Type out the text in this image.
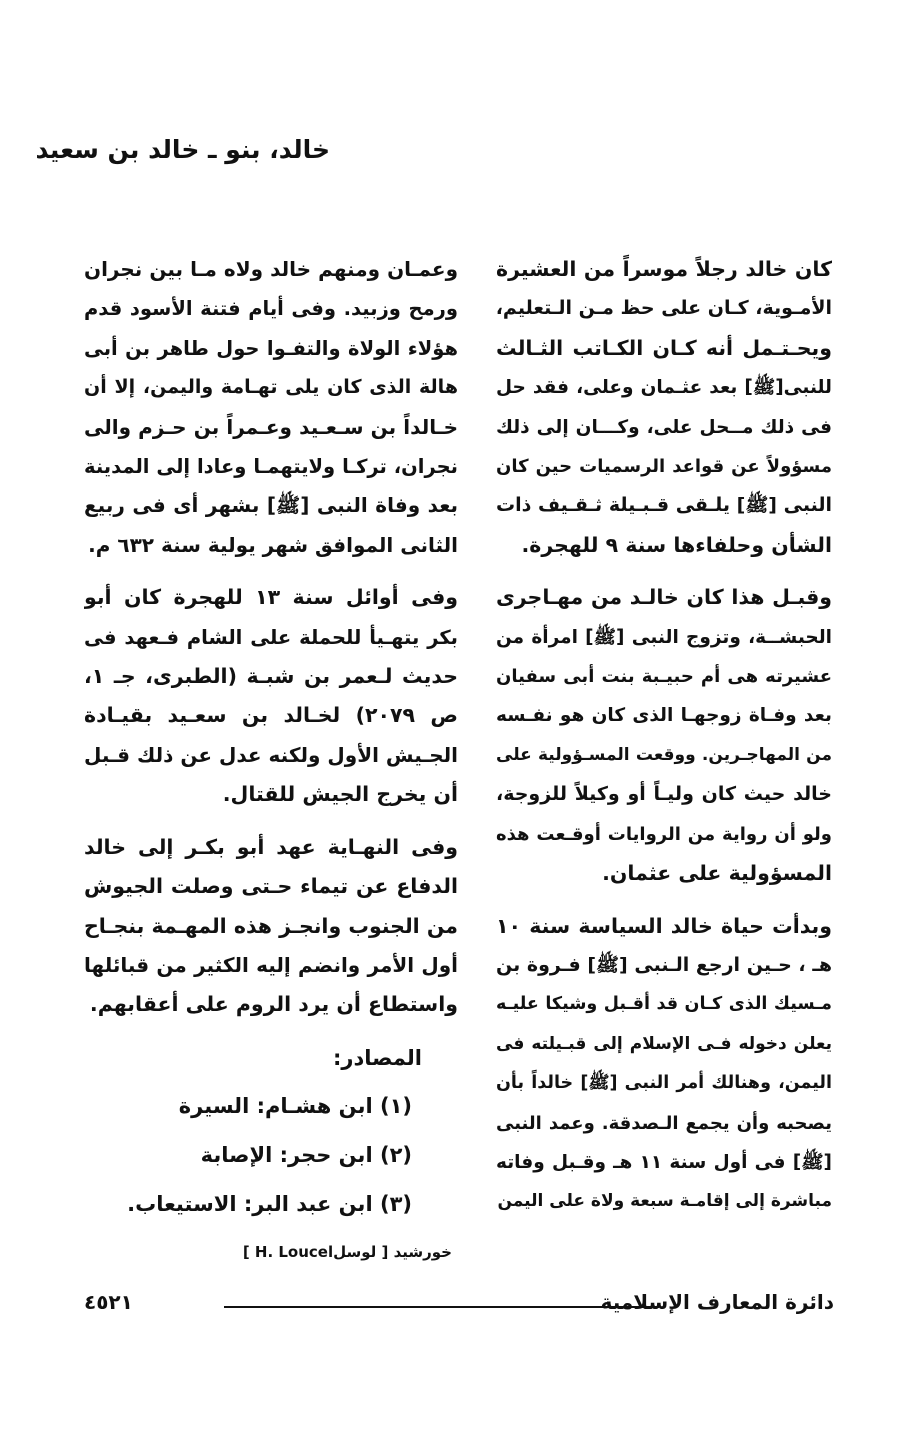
خالد، بنو ـ خالد بن سعيد

كان خالد رجلاً موسراً من العشيرة
الأمـوية، كـان على حظ مـن الـتعليم،
ويحـتـمل أنه كـان الكـاتب الثـالث
للنبى[ﷺ] بعد عثـمان وعلى، فقد حل
فى ذلك مــحل على، وكـــان إلى ذلك
مسؤولاً عن قواعد الرسميات حين كان
النبى [ﷺ] يلـقى قـبـيلة ثـقـيف ذات
الشأن وحلفاءها سنة ٩ للهجرة.

وقبـل هذا كان خالـد من مهـاجرى
الحبشــة، وتزوج النبى [ﷺ] امرأة من
عشيرته هى أم حبيـبة بنت أبى سفيان
بعد وفـاة زوجهـا الذى كان هو نفـسه
من المهاجـرين. ووقعت المسـؤولية على
خالد حيث كان وليـاً أو وكيلاً للزوجة،
ولو أن رواية من الروايات أوقـعت هذه
المسؤولية على عثمان.

وبدأت حياة خالد السياسة سنة ١٠
هـ ، حـين ارجع الـنبى [ﷺ] فـروة بن
مـسيك الذى كـان قد أقـبل وشيكا عليـه
يعلن دخوله فـى الإسلام إلى قبـيلته فى
اليمن، وهنالك أمر النبى [ﷺ] خالداً بأن
يصحبه وأن يجمع الـصدقة. وعمد النبى
[ﷺ] فى أول سنة ١١ هـ وقـبل وفاته
مباشرة إلى إقامـة سبعة ولاة على اليمن

وعمـان ومنهم خالد ولاه مـا بين نجران
ورمح وزبيد. وفى أيام فتنة الأسود قدم
هؤلاء الولاة والتفـوا حول طاهر بن أبى
هالة الذى كان يلى تهـامة واليمن، إلا أن
خـالداً بن سـعـيد وعـمراً بن حـزم والى
نجران، تركـا ولايتهمـا وعادا إلى المدينة
بعد وفاة النبى [ﷺ] بشهر أى فى ربيع
الثانى الموافق شهر يولية سنة ٦٣٢ م.

وفى أوائل سنة ١٣ للهجرة كان أبو
بكر يتهـيأ للحملة على الشام فـعهد فى
حديث لـعمر بن شبـة (الطبرى، جـ ١،
ص ٢٠٧٩) لخـالد بن سعـيد بقيـادة
الجـيش الأول ولكنه عدل عن ذلك قـبل
أن يخرج الجيش للقتال.

وفى النهـاية عهد أبو بكـر إلى خالد
الدفاع عن تيماء حـتى وصلت الجيوش
من الجنوب وانجـز هذه المهـمة بنجـاح
أول الأمر وانضم إليه الكثير من قبائلها
واستطاع أن يرد الروم على أعقابهم.

المصادر:
(١) ابن هشـام: السيرة
(٢) ابن حجر: الإصابة
(٣) ابن عبد البر: الاستيعاب.
خورشيد [ لوسلH. Loucel ]
دائرة المعارف الإسلامية
٤٥٢١
